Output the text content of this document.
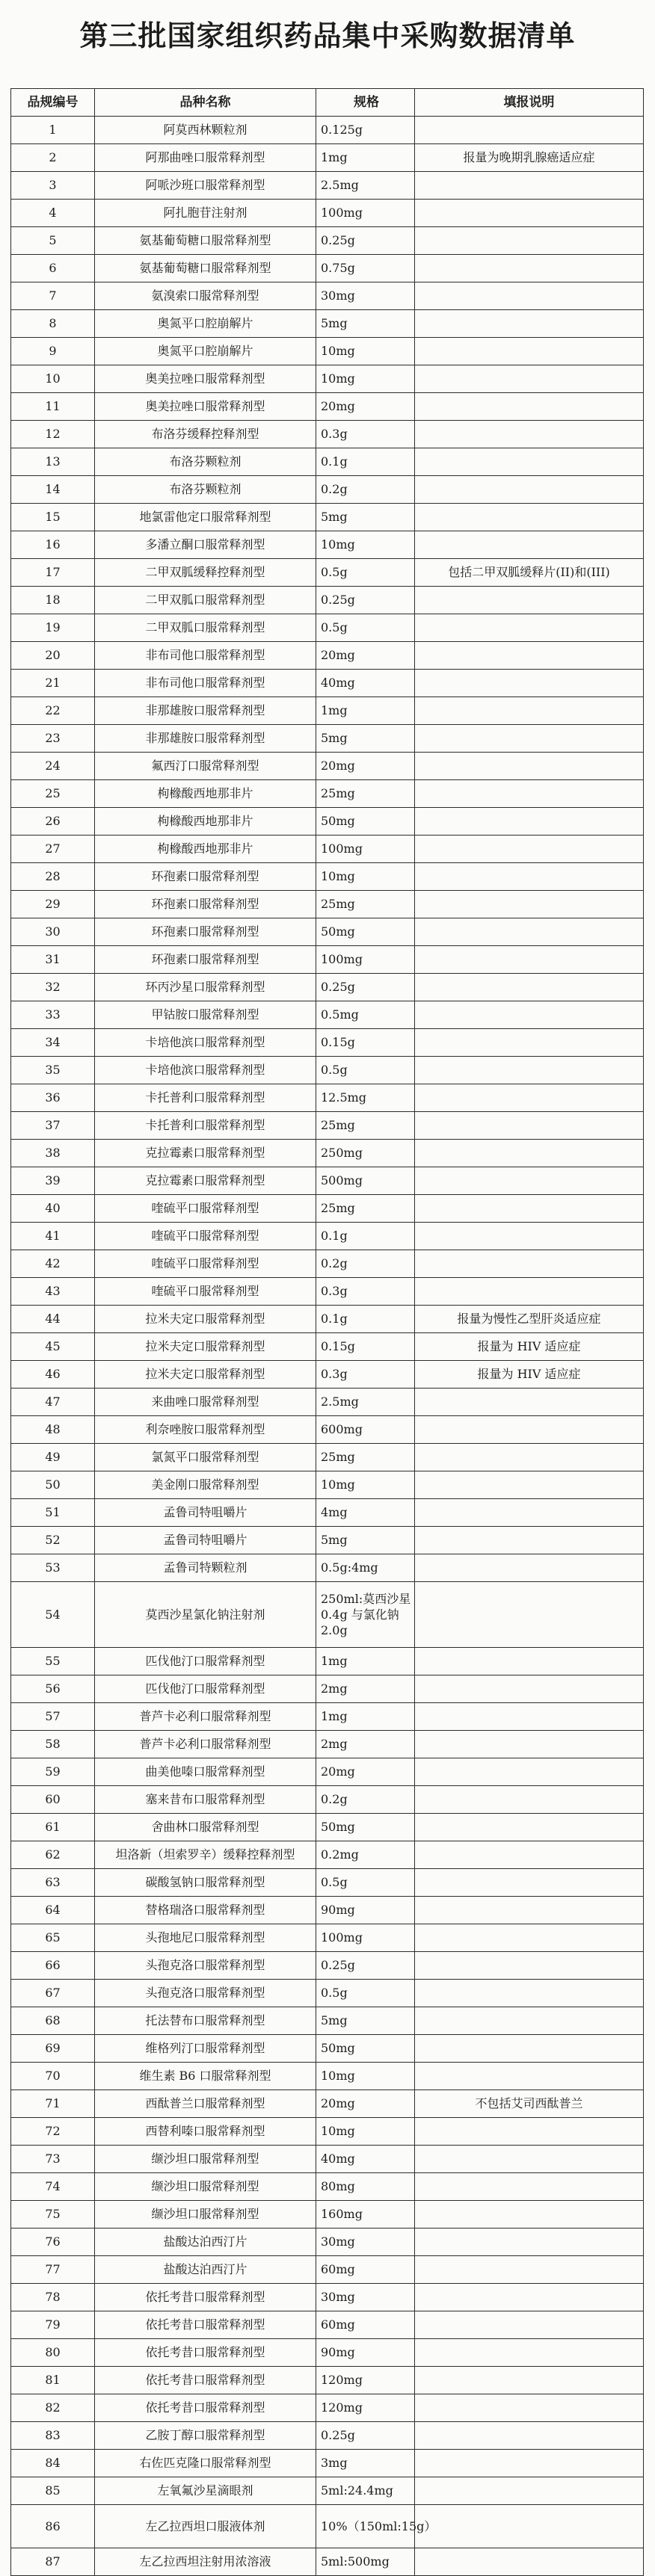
第三批国家组织药品集中采购数据清单
品规编号	品种名称	规格	填报说明
1	阿莫西林颗粒剂	0.125g	
2	阿那曲唑口服常释剂型	1mg	报量为晚期乳腺癌适应症
3	阿哌沙班口服常释剂型	2.5mg	
4	阿扎胞苷注射剂	100mg	
5	氨基葡萄糖口服常释剂型	0.25g	
6	氨基葡萄糖口服常释剂型	0.75g	
7	氨溴索口服常释剂型	30mg	
8	奥氮平口腔崩解片	5mg	
9	奥氮平口腔崩解片	10mg	
10	奥美拉唑口服常释剂型	10mg	
11	奥美拉唑口服常释剂型	20mg	
12	布洛芬缓释控释剂型	0.3g	
13	布洛芬颗粒剂	0.1g	
14	布洛芬颗粒剂	0.2g	
15	地氯雷他定口服常释剂型	5mg	
16	多潘立酮口服常释剂型	10mg	
17	二甲双胍缓释控释剂型	0.5g	包括二甲双胍缓释片(II)和(III)
18	二甲双胍口服常释剂型	0.25g	
19	二甲双胍口服常释剂型	0.5g	
20	非布司他口服常释剂型	20mg	
21	非布司他口服常释剂型	40mg	
22	非那雄胺口服常释剂型	1mg	
23	非那雄胺口服常释剂型	5mg	
24	氟西汀口服常释剂型	20mg	
25	枸橼酸西地那非片	25mg	
26	枸橼酸西地那非片	50mg	
27	枸橼酸西地那非片	100mg	
28	环孢素口服常释剂型	10mg	
29	环孢素口服常释剂型	25mg	
30	环孢素口服常释剂型	50mg	
31	环孢素口服常释剂型	100mg	
32	环丙沙星口服常释剂型	0.25g	
33	甲钴胺口服常释剂型	0.5mg	
34	卡培他滨口服常释剂型	0.15g	
35	卡培他滨口服常释剂型	0.5g	
36	卡托普利口服常释剂型	12.5mg	
37	卡托普利口服常释剂型	25mg	
38	克拉霉素口服常释剂型	250mg	
39	克拉霉素口服常释剂型	500mg	
40	喹硫平口服常释剂型	25mg	
41	喹硫平口服常释剂型	0.1g	
42	喹硫平口服常释剂型	0.2g	
43	喹硫平口服常释剂型	0.3g	
44	拉米夫定口服常释剂型	0.1g	报量为慢性乙型肝炎适应症
45	拉米夫定口服常释剂型	0.15g	报量为 HIV 适应症
46	拉米夫定口服常释剂型	0.3g	报量为 HIV 适应症
47	来曲唑口服常释剂型	2.5mg	
48	利奈唑胺口服常释剂型	600mg	
49	氯氮平口服常释剂型	25mg	
50	美金刚口服常释剂型	10mg	
51	孟鲁司特咀嚼片	4mg	
52	孟鲁司特咀嚼片	5mg	
53	孟鲁司特颗粒剂	0.5g:4mg	
54	莫西沙星氯化钠注射剂	250ml:莫西沙星 0.4g 与氯化钠 2.0g	
55	匹伐他汀口服常释剂型	1mg	
56	匹伐他汀口服常释剂型	2mg	
57	普芦卡必利口服常释剂型	1mg	
58	普芦卡必利口服常释剂型	2mg	
59	曲美他嗪口服常释剂型	20mg	
60	塞来昔布口服常释剂型	0.2g	
61	舍曲林口服常释剂型	50mg	
62	坦洛新（坦索罗辛）缓释控释剂型	0.2mg	
63	碳酸氢钠口服常释剂型	0.5g	
64	替格瑞洛口服常释剂型	90mg	
65	头孢地尼口服常释剂型	100mg	
66	头孢克洛口服常释剂型	0.25g	
67	头孢克洛口服常释剂型	0.5g	
68	托法替布口服常释剂型	5mg	
69	维格列汀口服常释剂型	50mg	
70	维生素 B6 口服常释剂型	10mg	
71	西酞普兰口服常释剂型	20mg	不包括艾司西酞普兰
72	西替利嗪口服常释剂型	10mg	
73	缬沙坦口服常释剂型	40mg	
74	缬沙坦口服常释剂型	80mg	
75	缬沙坦口服常释剂型	160mg	
76	盐酸达泊西汀片	30mg	
77	盐酸达泊西汀片	60mg	
78	依托考昔口服常释剂型	30mg	
79	依托考昔口服常释剂型	60mg	
80	依托考昔口服常释剂型	90mg	
81	依托考昔口服常释剂型	120mg	
82	依托考昔口服常释剂型	120mg	
83	乙胺丁醇口服常释剂型	0.25g	
84	右佐匹克隆口服常释剂型	3mg	
85	左氧氟沙星滴眼剂	5ml:24.4mg	
86	左乙拉西坦口服液体剂	10%（150ml:15g）	
87	左乙拉西坦注射用浓溶液	5ml:500mg	
